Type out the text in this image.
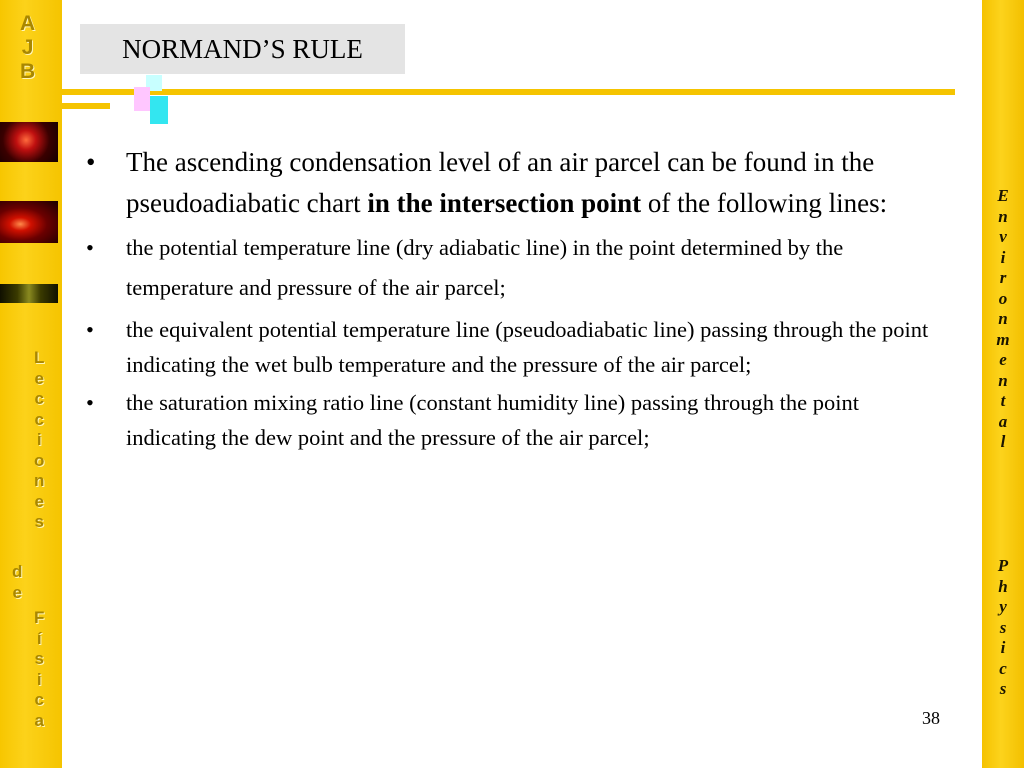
A
J
B
L
e
c
c
i
o
n
e
s
d
e
F
í
s
i
c
a
E
n
v
i
r
o
n
m
e
n
t
a
l
P
h
y
s
i
c
s
NORMAND’S RULE
• The ascending condensation level of an air parcel can be found in the pseudoadiabatic chart in the intersection point of the following lines:
• the potential temperature line (dry adiabatic line) in the point determined by the temperature and pressure of the air parcel;
• the equivalent potential temperature line (pseudoadiabatic line) passing through the point indicating the wet bulb temperature and the pressure of the air parcel;
• the saturation mixing ratio line (constant humidity line) passing through the point indicating the dew point and the pressure of the air parcel;
38
